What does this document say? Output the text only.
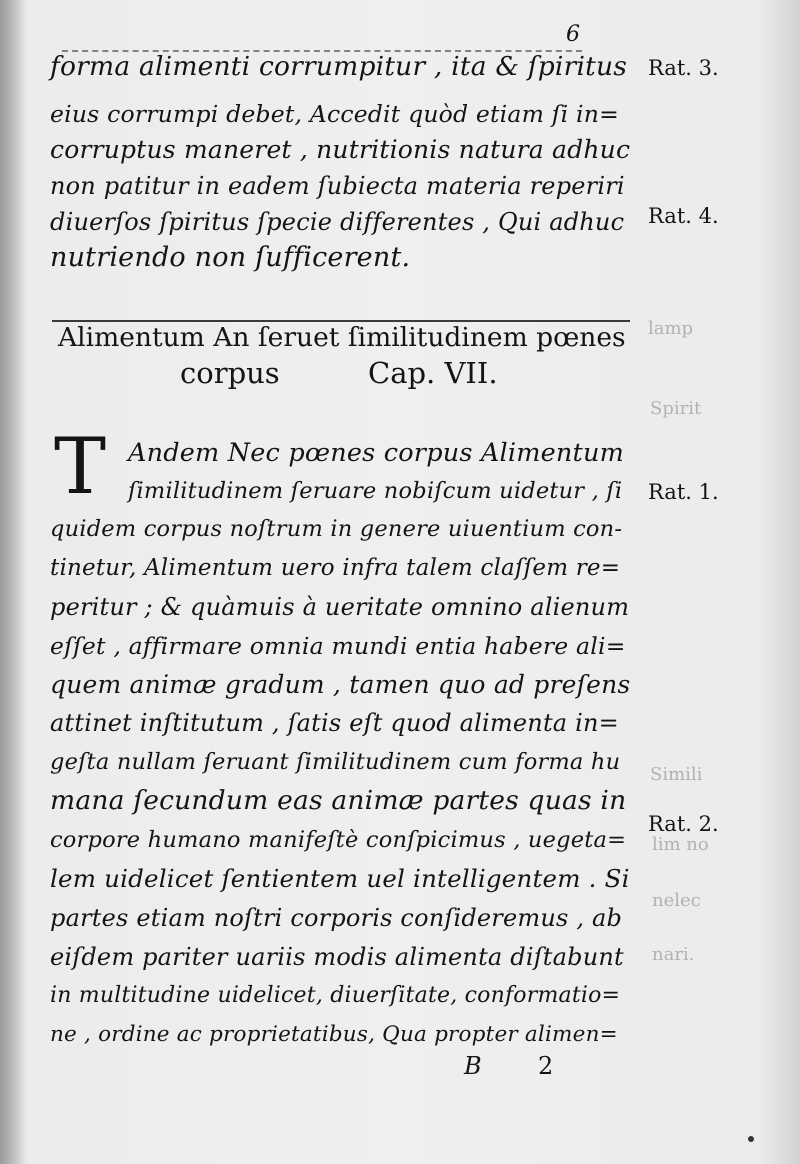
lamp
Spirit
Simili
lim no
nelec
nari.
6
forma alimenti corrumpitur , ita & ſpiritus
eius corrumpi debet, Accedit quòd etiam ſi in=
corruptus maneret , nutritionis natura adhuc
non patitur in eadem ſubiecta materia reperiri
diuerſos ſpiritus ſpecie differentes , Qui adhuc
nutriendo non ſufficerent.
Alimentum An ſeruet ſimilitudinem pœnes
corpus	Cap. VII.
T Andem Nec pœnes corpus Alimentum
ſimilitudinem ſeruare nobiſcum uidetur , ſi
quidem corpus noſtrum in genere uiuentium con-
tinetur, Alimentum uero infra talem claſſem re=
peritur ; & quàmuis à ueritate omnino alienum
eſſet , affirmare omnia mundi entia habere ali=
quem animæ gradum , tamen quo ad preſens
attinet inſtitutum , ſatis eſt quod alimenta in=
geſta nullam ſeruant ſimilitudinem cum forma hu
mana ſecundum eas animæ partes quas in
corpore humano manifeſtè conſpicimus , uegeta=
lem uidelicet ſentientem uel intelligentem . Si
partes etiam noſtri corporis conſideremus , ab
eiſdem pariter uariis modis alimenta diſtabunt
in multitudine uidelicet, diuerſitate, conformatio=
ne , ordine ac proprietatibus, Qua propter alimen=
Rat. 3.
Rat. 4.
Rat. 1.
Rat. 2.
B 2
